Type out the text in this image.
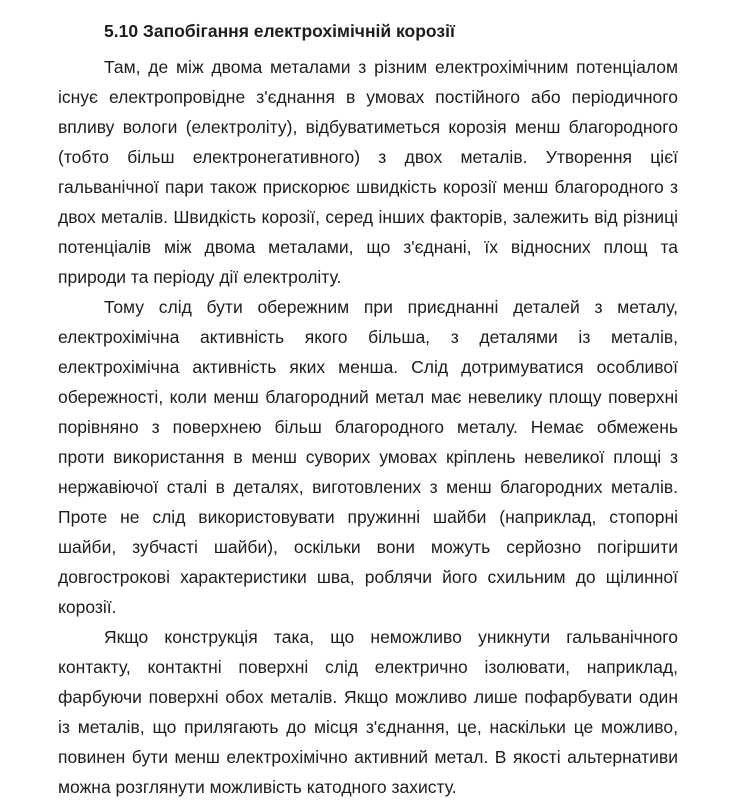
5.10 Запобігання електрохімічній корозії
Там, де між двома металами з різним електрохімічним потенціалом
існує електропровідне з'єднання в умовах постійного або періодичного
впливу вологи (електроліту), відбуватиметься корозія менш благородного
(тобто більш електронегативного) з двох металів. Утворення цієї
гальванічної пари також прискорює швидкість корозії менш благородного з
двох металів. Швидкість корозії, серед інших факторів, залежить від різниці
потенціалів між двома металами, що з'єднані, їх відносних площ та
природи та періоду дії електроліту.
Тому слід бути обережним при приєднанні деталей з металу,
електрохімічна активність якого більша, з деталями із металів,
електрохімічна активність яких менша. Слід дотримуватися особливої
обережності, коли менш благородний метал має невелику площу поверхні
порівняно з поверхнею більш благородного металу. Немає обмежень
проти використання в менш суворих умовах кріплень невеликої площі з
нержавіючої сталі в деталях, виготовлених з менш благородних металів.
Проте не слід використовувати пружинні шайби (наприклад, стопорні
шайби, зубчасті шайби), оскільки вони можуть серйозно погіршити
довгострокові характеристики шва, роблячи його схильним до щілинної
корозії.
Якщо конструкція така, що неможливо уникнути гальванічного
контакту, контактні поверхні слід електрично ізолювати, наприклад,
фарбуючи поверхні обох металів. Якщо можливо лише пофарбувати один
із металів, що прилягають до місця з'єднання, це, наскільки це можливо,
повинен бути менш електрохімічно активний метал. В якості альтернативи
можна розглянути можливість катодного захисту.
